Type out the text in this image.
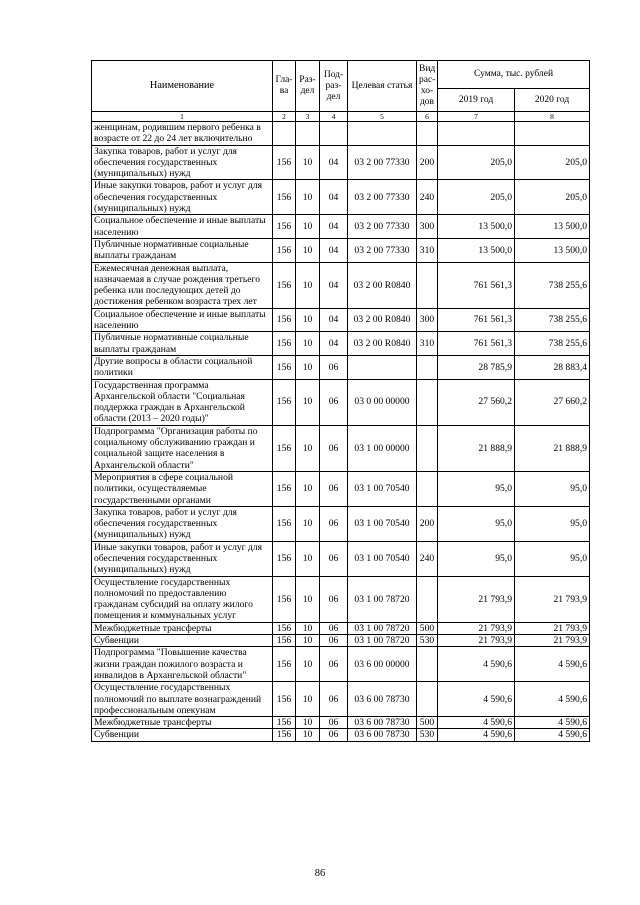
Наименование	Гла-ва	Раз-дел	Под-раз-дел	Целевая статья	Вид рас-хо-дов	Сумма, тыс. рублей	
						2019 год	2020 год
1	2	3	4	5	6	7	8
женщинам, родившим первого ребенка в возрасте от 22 до 24 лет включительно							
Закупка товаров, работ и услуг для обеспечения государственных (муниципальных) нужд	156	10	04	03 2 00 77330	200	205,0	205,0
Иные закупки товаров, работ и услуг для обеспечения государственных (муниципальных) нужд	156	10	04	03 2 00 77330	240	205,0	205,0
Социальное обеспечение и иные выплаты населению	156	10	04	03 2 00 77330	300	13 500,0	13 500,0
Публичные нормативные социальные выплаты гражданам	156	10	04	03 2 00 77330	310	13 500,0	13 500,0
Ежемесячная денежная выплата, назначаемая в случае рождения третьего ребенка или последующих детей до достижения ребенком возраста трех лет	156	10	04	03 2 00 R0840		761 561,3	738 255,6
Социальное обеспечение и иные выплаты населению	156	10	04	03 2 00 R0840	300	761 561,3	738 255,6
Публичные нормативные социальные выплаты гражданам	156	10	04	03 2 00 R0840	310	761 561,3	738 255,6
Другие вопросы в области социальной политики	156	10	06			28 785,9	28 883,4
Государственная программа Архангельской области "Социальная поддержка граждан в Архангельской области (2013 – 2020 годы)"	156	10	06	03 0 00 00000		27 560,2	27 660,2
Подпрограмма "Организация работы по социальному обслуживанию граждан и социальной защите населения в Архангельской области"	156	10	06	03 1 00 00000		21 888,9	21 888,9
Мероприятия в сфере социальной политики, осуществляемые государственными органами	156	10	06	03 1 00 70540		95,0	95,0
Закупка товаров, работ и услуг для обеспечения государственных (муниципальных) нужд	156	10	06	03 1 00 70540	200	95,0	95,0
Иные закупки товаров, работ и услуг для обеспечения государственных (муниципальных) нужд	156	10	06	03 1 00 70540	240	95,0	95,0
Осуществление государственных полномочий по предоставлению гражданам субсидий на оплату жилого помещения и коммунальных услуг	156	10	06	03 1 00 78720		21 793,9	21 793,9
Межбюджетные трансферты	156	10	06	03 1 00 78720	500	21 793,9	21 793,9
Субвенции	156	10	06	03 1 00 78720	530	21 793,9	21 793,9
Подпрограмма "Повышение качества жизни граждан пожилого возраста и инвалидов в Архангельской области"	156	10	06	03 6 00 00000		4 590,6	4 590,6
Осуществление государственных полномочий по выплате вознаграждений профессиональным опекунам	156	10	06	03 6 00 78730		4 590,6	4 590,6
Межбюджетные трансферты	156	10	06	03 6 00 78730	500	4 590,6	4 590,6
Субвенции	156	10	06	03 6 00 78730	530	4 590,6	4 590,6
86
